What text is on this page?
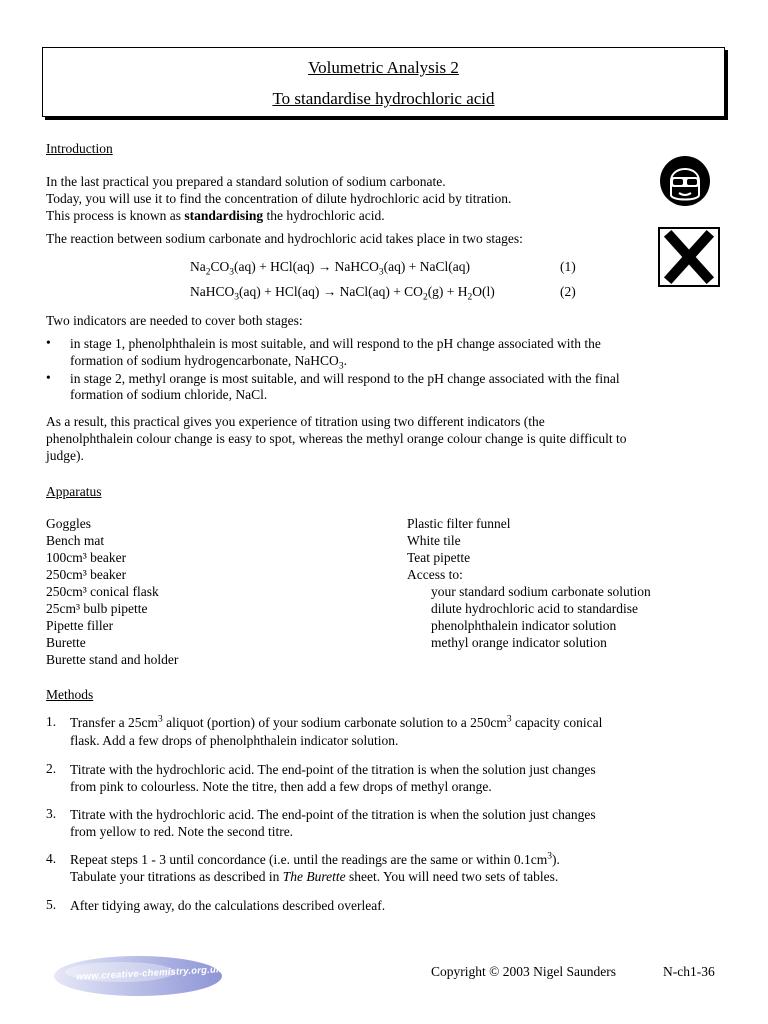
Volumetric Analysis 2
To standardise hydrochloric acid
Introduction
In the last practical you prepared a standard solution of sodium carbonate.
Today, you will use it to find the concentration of dilute hydrochloric acid by titration.
This process is known as standardising the hydrochloric acid.
The reaction between sodium carbonate and hydrochloric acid takes place in two stages:
$Na_2CO_3(aq) + HCl(aq)$ → NaHCO$_3$(aq) + NaCl(aq)	(1)
NaHCO$_3$(aq) + HCl(aq) → NaCl(aq) + $CO_2(g) + H_2O(l)$	(2)
Two indicators are needed to cover both stages:
• in stage 1, phenolphthalein is most suitable, and will respond to the pH change associated with the
formation of sodium hydrogencarbonate, NaHCO$_3$.
• in stage 2, methyl orange is most suitable, and will respond to the pH change associated with the final
formation of sodium chloride, NaCl.
As a result, this practical gives you experience of titration using two different indicators (the
phenolphthalein colour change is easy to spot, whereas the methyl orange colour change is quite difficult to
judge).
Apparatus
Goggles
Bench mat
100cm³ beaker
250cm³ beaker
250cm³ conical flask
25cm³ bulb pipette
Pipette filler
Burette
Burette stand and holder
Plastic filter funnel
White tile
Teat pipette
Access to:
your standard sodium carbonate solution
dilute hydrochloric acid to standardise
phenolphthalein indicator solution
methyl orange indicator solution
Methods
1. Transfer a $25cm^3$ aliquot (portion) of your sodium carbonate solution to a $250cm^3$ capacity conical
flask. Add a few drops of phenolphthalein indicator solution.
2. Titrate with the hydrochloric acid. The end-point of the titration is when the solution just changes
from pink to colourless. Note the titre, then add a few drops of methyl orange.
3. Titrate with the hydrochloric acid. The end-point of the titration is when the solution just changes
from yellow to red. Note the second titre.
4. Repeat steps 1 - 3 until concordance (i.e. until the readings are the same or within $0.1cm^3$).
Tabulate your titrations as described in The Burette sheet. You will need two sets of tables.
5. After tidying away, do the calculations described overleaf.
www.creative-chemistry.org.uk	Copyright © 2003 Nigel Saunders	N-ch1-36
